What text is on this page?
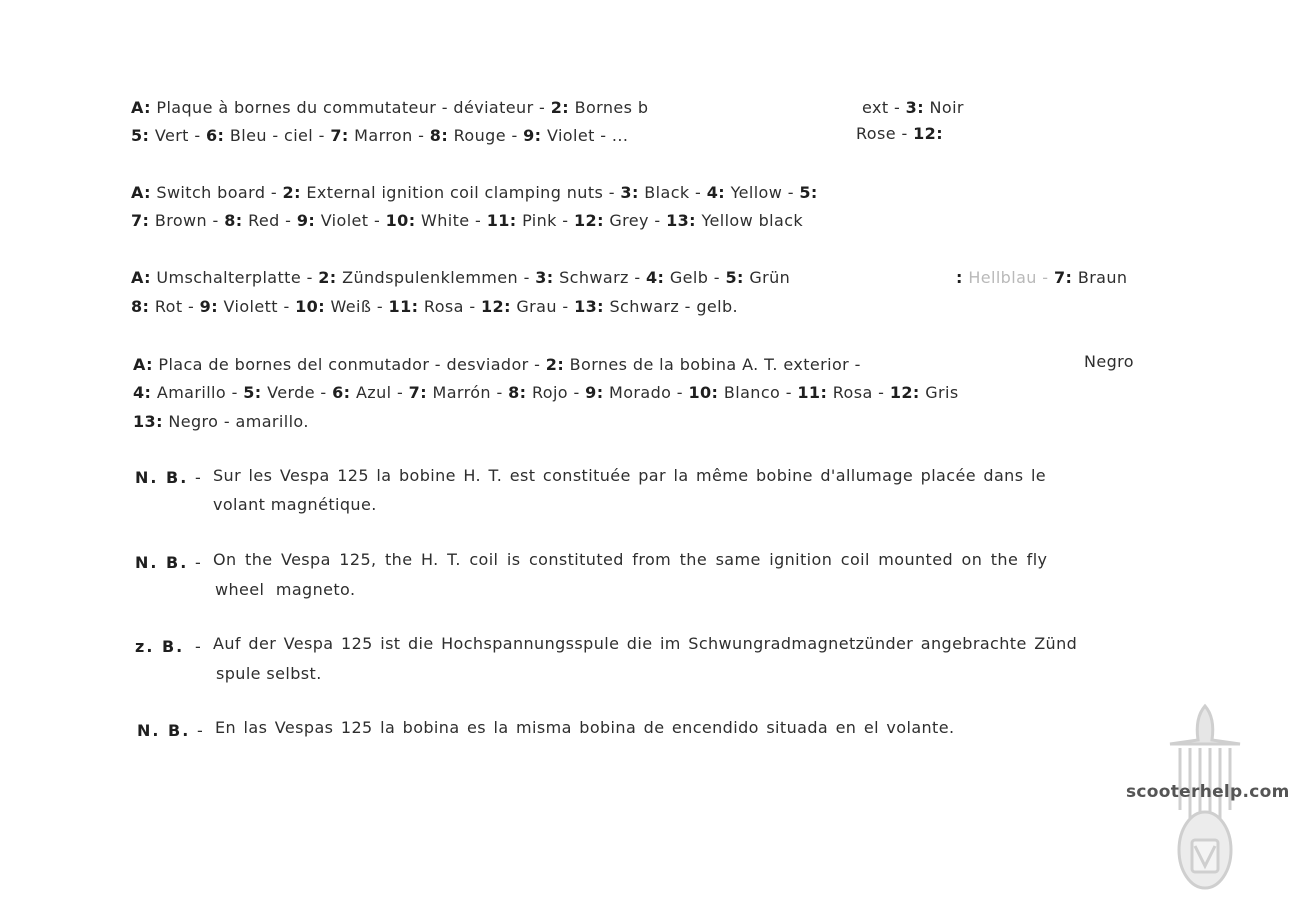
A: Plaque à bornes du commutateur - déviateur - 2: Bornes b	ext - 3: Noir
5: Vert - 6: Bleu - ciel - 7: Marron - 8: Rouge - 9: Violet - ...	Rose - 12:
A: Switch board - 2: External ignition coil clamping nuts - 3: Black - 4: Yellow - 5:
7: Brown - 8: Red - 9: Violet - 10: White - 11: Pink - 12: Grey - 13: Yellow black
A: Umschalterplatte - 2: Zündspulenklemmen - 3: Schwarz - 4: Gelb - 5: Grün	: Hellblau - 7: Braun
8: Rot - 9: Violett - 10: Weiß - 11: Rosa - 12: Grau - 13: Schwarz - gelb.
A: Placa de bornes del conmutador - desviador - 2: Bornes de la bobina A. T. exterior -	Negro
4: Amarillo - 5: Verde - 6: Azul - 7: Marrón - 8: Rojo - 9: Morado - 10: Blanco - 11: Rosa - 12: Gris
13: Negro - amarillo.
N. B. - Sur les Vespa 125 la bobine H. T. est constituée par la même bobine d'allumage placée dans le
volant magnétique.
N. B. - On the Vespa 125, the H. T. coil is constituted from the same ignition coil mounted on the fly
wheel magneto.
z. B. - Auf der Vespa 125 ist die Hochspannungsspule die im Schwungradmagnetzünder angebrachte Zünd
spule selbst.
N. B. - En las Vespas 125 la bobina es la misma bobina de encendido situada en el volante.
scooterhelp.com
